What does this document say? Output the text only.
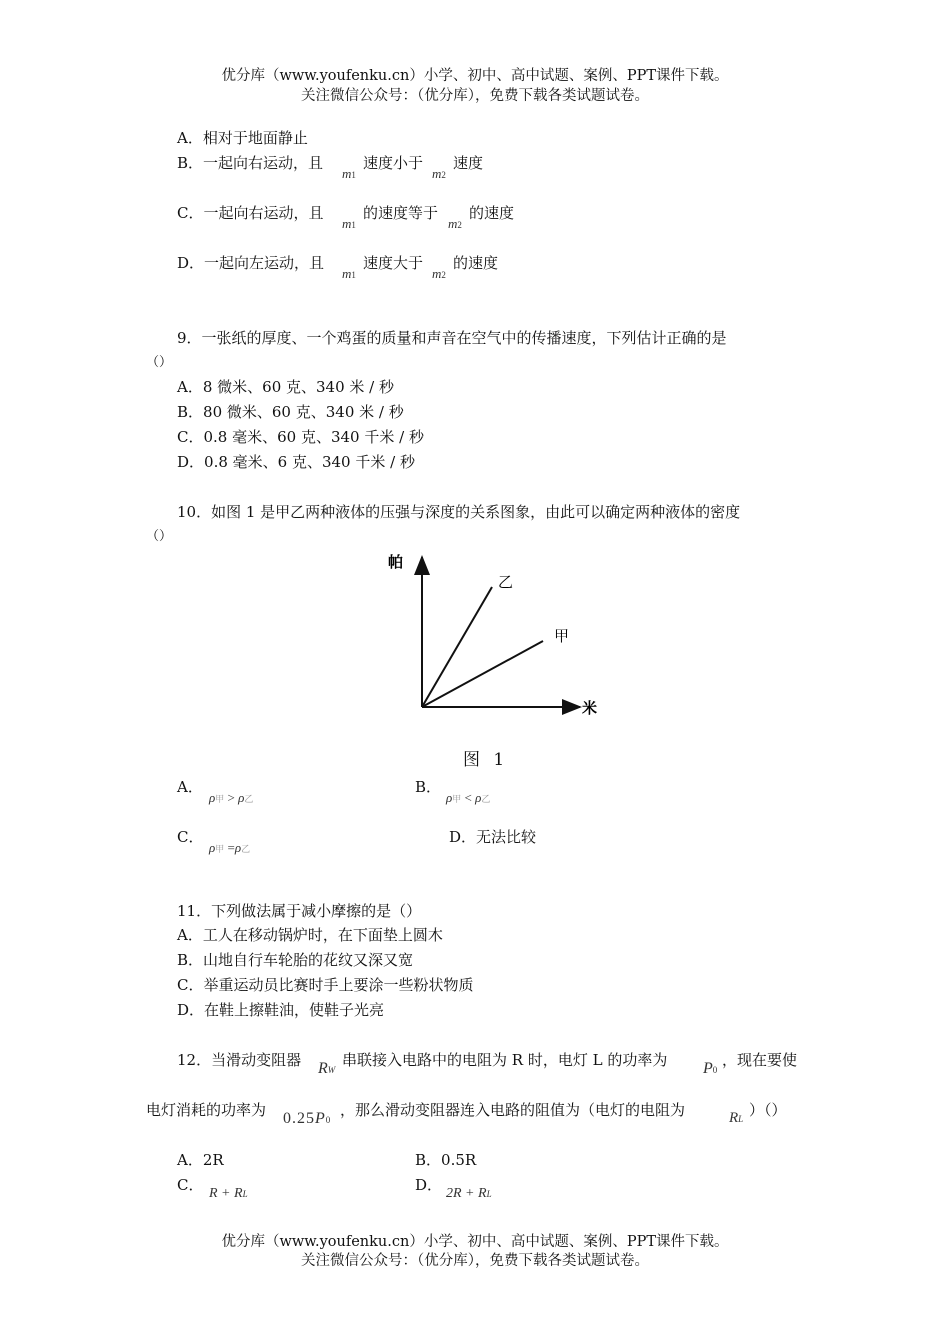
优分库（www.youfenku.cn）小学、初中、高中试题、案例、PPT课件下载。
关注微信公众号：（优分库），免费下载各类试题试卷。
A．相对于地面静止
B．一起向右运动，且
m1
速度小于
m2
速度
C．一起向右运动，且
m1
的速度等于
m2
的速度
D．一起向左运动，且
m1
速度大于
m2
的速度
9．一张纸的厚度、一个鸡蛋的质量和声音在空气中的传播速度，下列估计正确的是
（）
A．8 微米、60 克、340 米 / 秒
B．80 微米、60 克、340 米 / 秒
C．0.8 毫米、60 克、340 千米 / 秒
D．0.8 毫米、6 克、340 千米 / 秒
10．如图 1 是甲乙两种液体的压强与深度的关系图象，由此可以确定两种液体的密度
（）
帕
米
乙
甲
图 1
A．
ρ甲 > ρ乙
B．
ρ甲 < ρ乙
C．
ρ甲 =ρ乙
D．无法比较
11．下列做法属于减小摩擦的是（）
A．工人在移动锅炉时，在下面垫上圆木
B．山地自行车轮胎的花纹又深又宽
C．举重运动员比赛时手上要涂一些粉状物质
D．在鞋上擦鞋油，使鞋子光亮
12．当滑动变阻器 RW
串联接入电路中的电阻为 R 时，电灯 L 的功率为 P0
，现在要使
电灯消耗的功率为 0.25P0
，那么滑动变阻器连入电路的阻值为（电灯的电阻为	RL ）（）
A．2R	B．0.5R
C． R + RL	D． 2R + RL
优分库（www.youfenku.cn）小学、初中、高中试题、案例、PPT课件下载。
关注微信公众号：（优分库），免费下载各类试题试卷。
